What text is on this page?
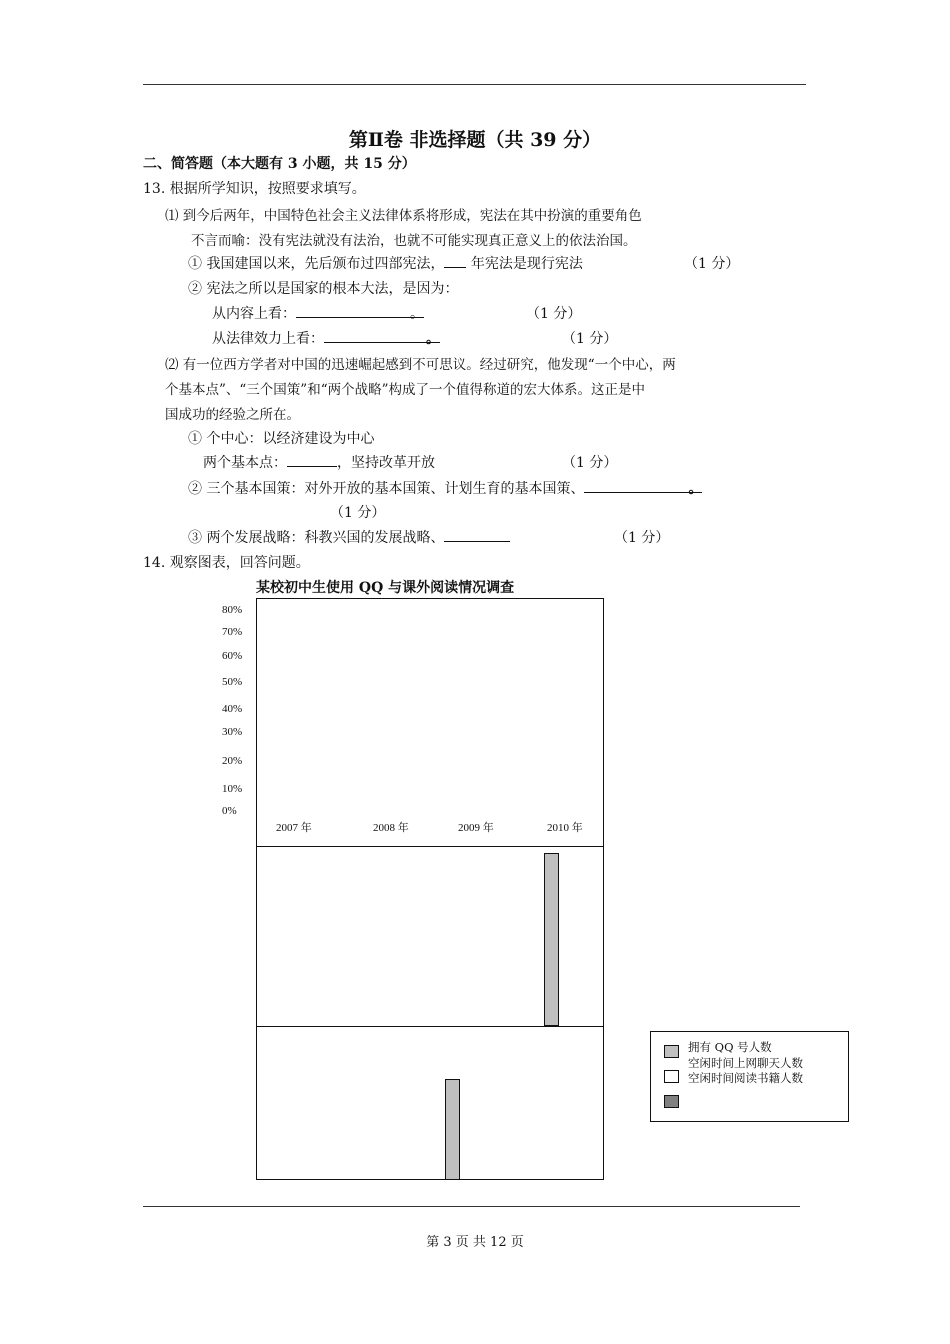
第Ⅱ卷 非选择题（共 39 分）
二、简答题（本大题有 3 小题，共 15 分）
13. 根据所学知识，按照要求填写。
⑴ 到今后两年，中国特色社会主义法律体系将形成，宪法在其中扮演的重要角色
不言而喻：没有宪法就没有法治，也就不可能实现真正意义上的依法治国。
① 我国建国以来，先后颁布过四部宪法， 年宪法是现行宪法	（1 分）
② 宪法之所以是国家的根本大法，是因为：
从内容上看：	。	（1 分）
从法律效力上看：	。	（1 分）
⑵ 有一位西方学者对中国的迅速崛起感到不可思议。经过研究，他发现“一个中心，两
个基本点”、“三个国策”和“两个战略”构成了一个值得称道的宏大体系。这正是中
国成功的经验之所在。
① 个中心：以经济建设为中心
两个基本点：	，坚持改革开放	（1 分）
② 三个基本国策：对外开放的基本国策、计划生育的基本国策、	。
（1 分）
③ 两个发展战略：科教兴国的发展战略、	（1 分）
14. 观察图表，回答问题。
某校初中生使用 QQ 与课外阅读情况调查
80%
70%
60%
50%
40%
30%
20%
10%
0%
2007 年	2008 年	2009 年	2010 年
拥有 QQ 号人数
空闲时间上网聊天人数
空闲时间阅读书籍人数
第 3 页 共 12 页
